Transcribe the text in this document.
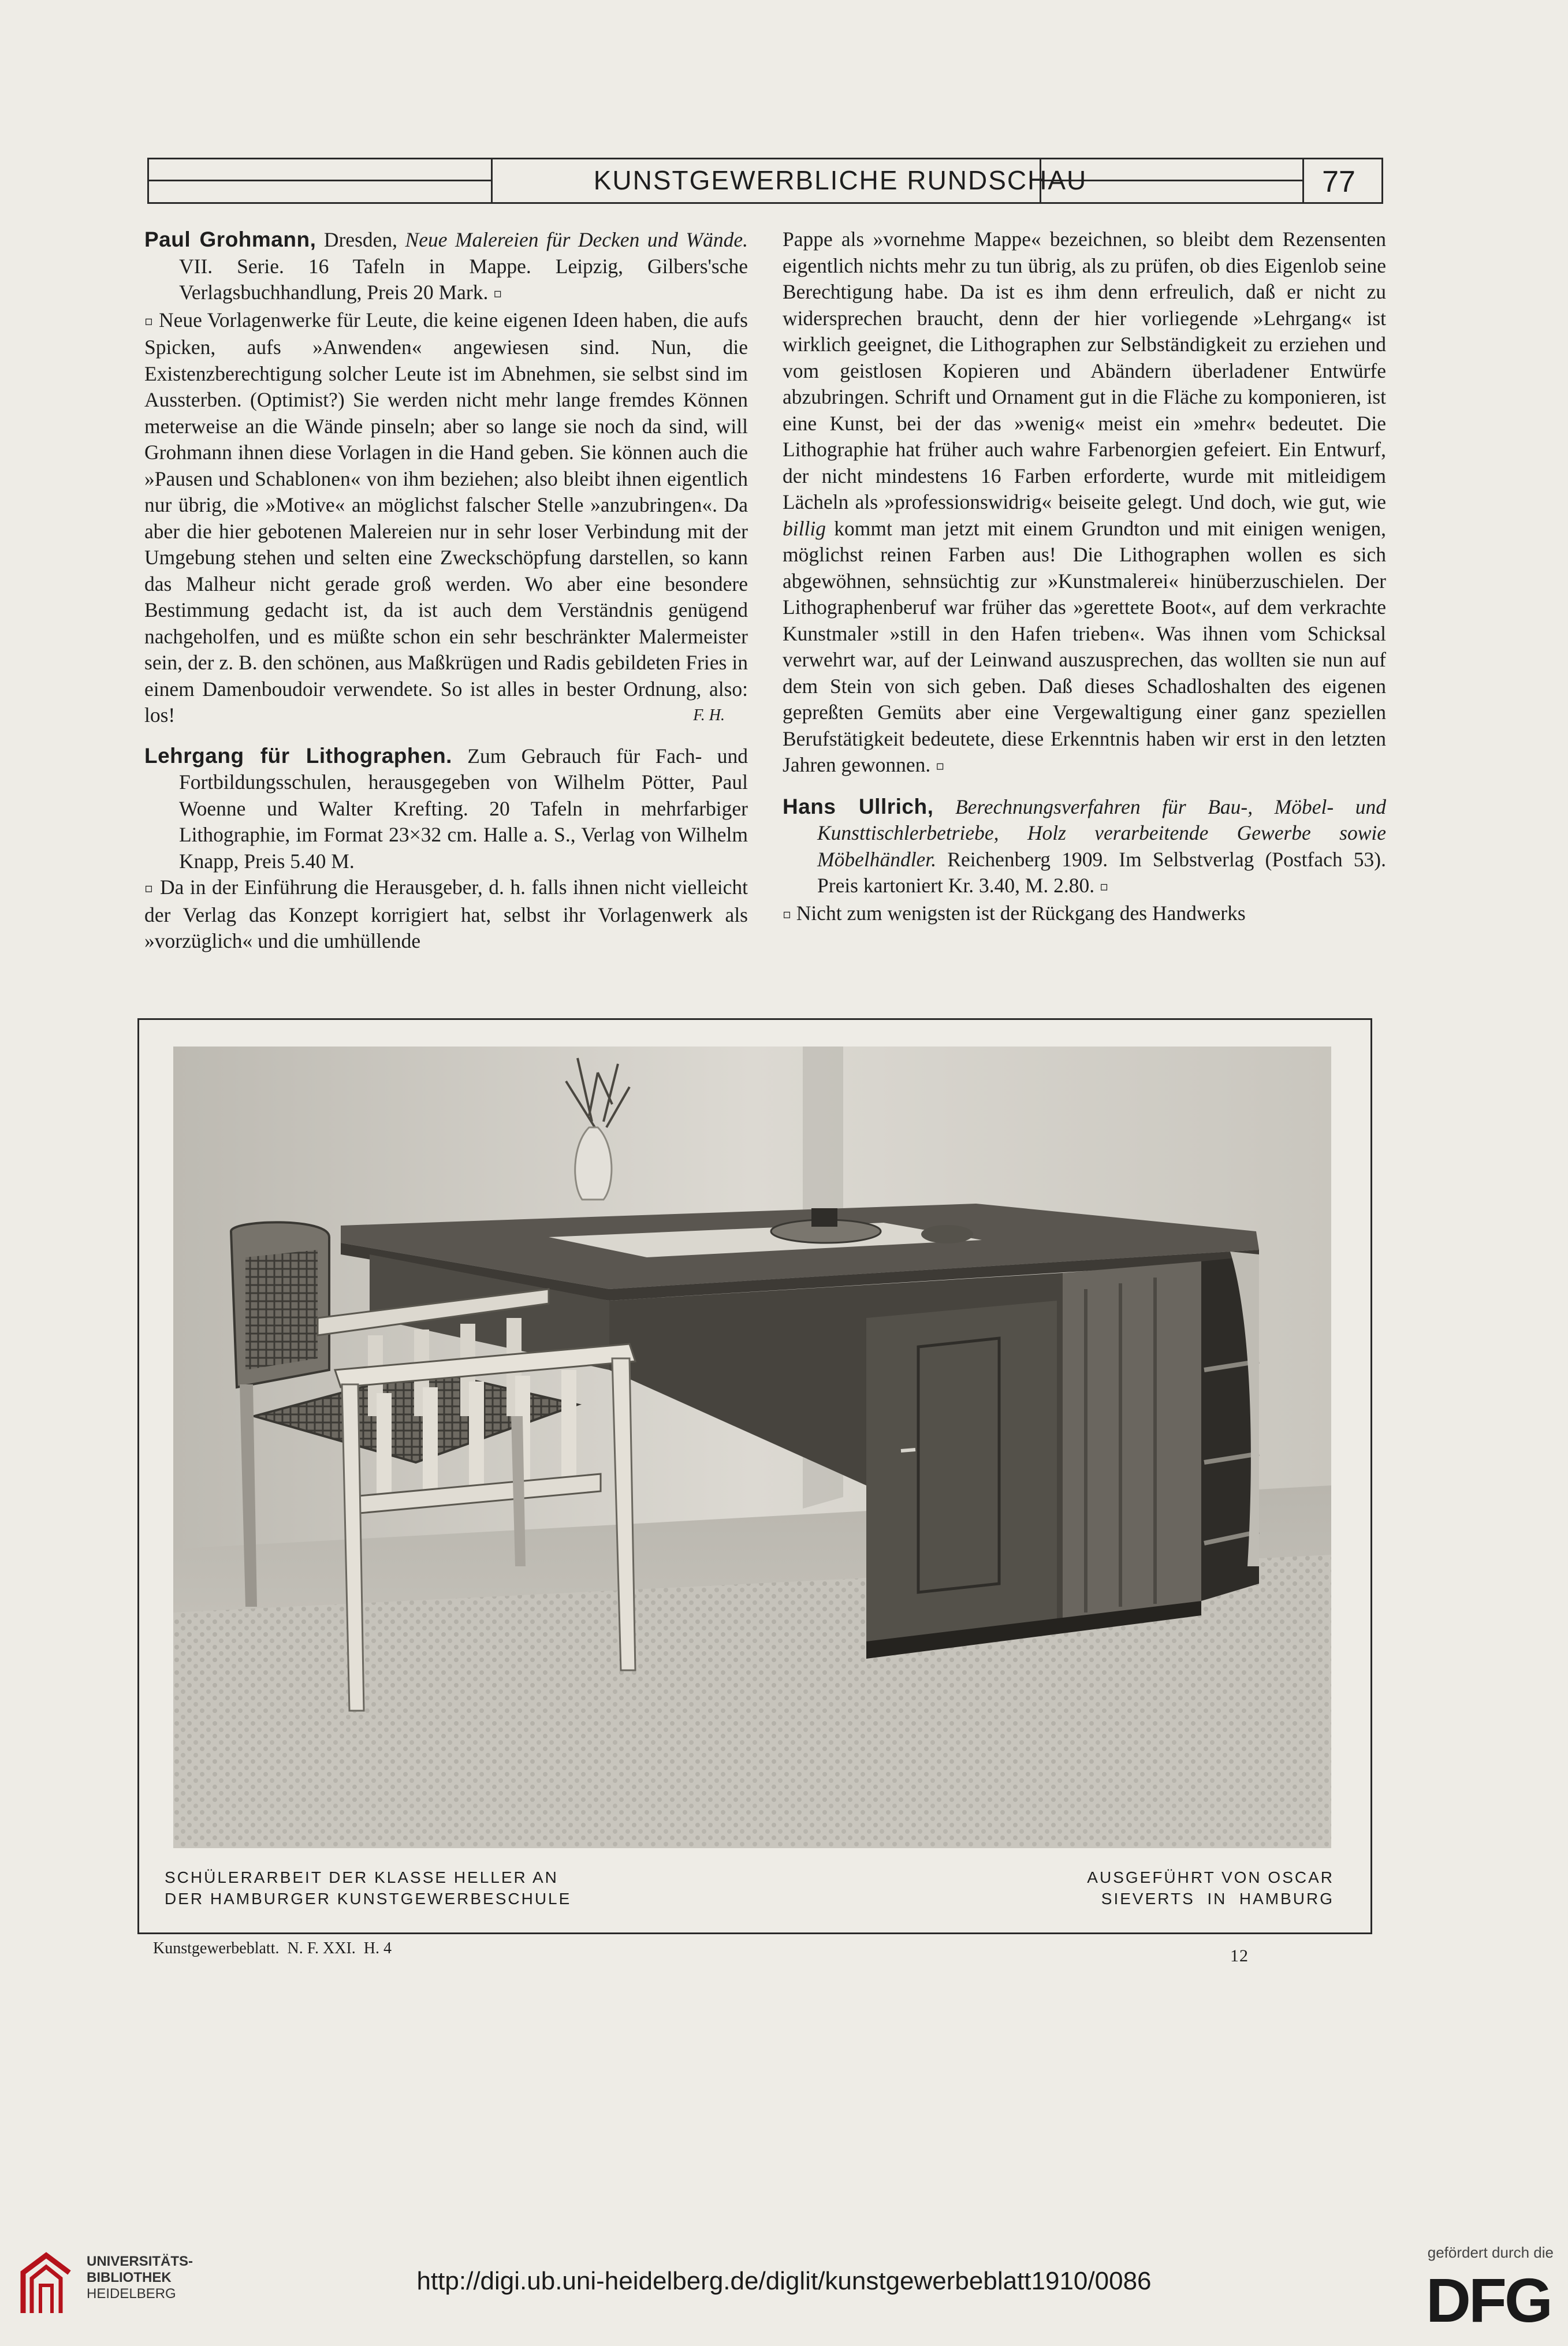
KUNSTGEWERBLICHE RUNDSCHAU	77

Paul Grohmann, Dresden, Neue Malereien für Decken und Wände. VII. Serie. 16 Tafeln in Mappe. Leipzig, Gilbers'sche Verlagsbuchhandlung, Preis 20 Mark. ▫

▫ Neue Vorlagenwerke für Leute, die keine eigenen Ideen haben, die aufs Spicken, aufs »Anwenden« angewiesen sind. Nun, die Existenzberechtigung solcher Leute ist im Abnehmen, sie selbst sind im Aussterben. (Optimist?) Sie werden nicht mehr lange fremdes Können meterweise an die Wände pinseln; aber so lange sie noch da sind, will Grohmann ihnen diese Vorlagen in die Hand geben. Sie können auch die »Pausen und Schablonen« von ihm beziehen; also bleibt ihnen eigentlich nur übrig, die »Motive« an möglichst falscher Stelle »anzubringen«. Da aber die hier gebotenen Malereien nur in sehr loser Verbindung mit der Umgebung stehen und selten eine Zweckschöpfung darstellen, so kann das Malheur nicht gerade groß werden. Wo aber eine besondere Bestimmung gedacht ist, da ist auch dem Verständnis genügend nachgeholfen, und es müßte schon ein sehr beschränkter Malermeister sein, der z. B. den schönen, aus Maßkrügen und Radis gebildeten Fries in einem Damenboudoir verwendete. So ist alles in bester Ordnung, also: los!	F. H.

Lehrgang für Lithographen. Zum Gebrauch für Fach- und Fortbildungsschulen, herausgegeben von Wilhelm Pötter, Paul Woenne und Walter Krefting. 20 Tafeln in mehrfarbiger Lithographie, im Format 23×32 cm. Halle a. S., Verlag von Wilhelm Knapp, Preis 5.40 M.

▫ Da in der Einführung die Herausgeber, d. h. falls ihnen nicht vielleicht der Verlag das Konzept korrigiert hat, selbst ihr Vorlagenwerk als »vorzüglich« und die umhüllende

Pappe als »vornehme Mappe« bezeichnen, so bleibt dem Rezensenten eigentlich nichts mehr zu tun übrig, als zu prüfen, ob dies Eigenlob seine Berechtigung habe. Da ist es ihm denn erfreulich, daß er nicht zu widersprechen braucht, denn der hier vorliegende »Lehrgang« ist wirklich geeignet, die Lithographen zur Selbständigkeit zu erziehen und vom geistlosen Kopieren und Abändern überladener Entwürfe abzubringen. Schrift und Ornament gut in die Fläche zu komponieren, ist eine Kunst, bei der das »wenig« meist ein »mehr« bedeutet. Die Lithographie hat früher auch wahre Farbenorgien gefeiert. Ein Entwurf, der nicht mindestens 16 Farben erforderte, wurde mit mitleidigem Lächeln als »professionswidrig« beiseite gelegt. Und doch, wie gut, wie billig kommt man jetzt mit einem Grundton und mit einigen wenigen, möglichst reinen Farben aus! Die Lithographen wollen es sich abgewöhnen, sehnsüchtig zur »Kunstmalerei« hinüberzuschielen. Der Lithographenberuf war früher das »gerettete Boot«, auf dem verkrachte Kunstmaler »still in den Hafen trieben«. Was ihnen vom Schicksal verwehrt war, auf der Leinwand auszusprechen, das wollten sie nun auf dem Stein von sich geben. Daß dieses Schadloshalten des eigenen gepreßten Gemüts aber eine Vergewaltigung einer ganz speziellen Berufstätigkeit bedeutete, diese Erkenntnis haben wir erst in den letzten Jahren gewonnen. ▫

Hans Ullrich, Berechnungsverfahren für Bau-, Möbel- und Kunsttischlerbetriebe, Holz verarbeitende Gewerbe sowie Möbelhändler. Reichenberg 1909. Im Selbstverlag (Postfach 53). Preis kartoniert Kr. 3.40, M. 2.80. ▫

▫ Nicht zum wenigsten ist der Rückgang des Handwerks

SCHÜLERARBEIT DER KLASSE HELLER AN
DER HAMBURGER KUNSTGEWERBESCHULE
AUSGEFÜHRT VON OSCAR
SIEVERTS  IN  HAMBURG
Kunstgewerbeblatt.  N. F. XXI.  H. 4	12
UNIVERSITÄTS-
BIBLIOTHEK
HEIDELBERG	http://digi.ub.uni-heidelberg.de/diglit/kunstgewerbeblatt1910/0086
gefördert durch die
DFG
